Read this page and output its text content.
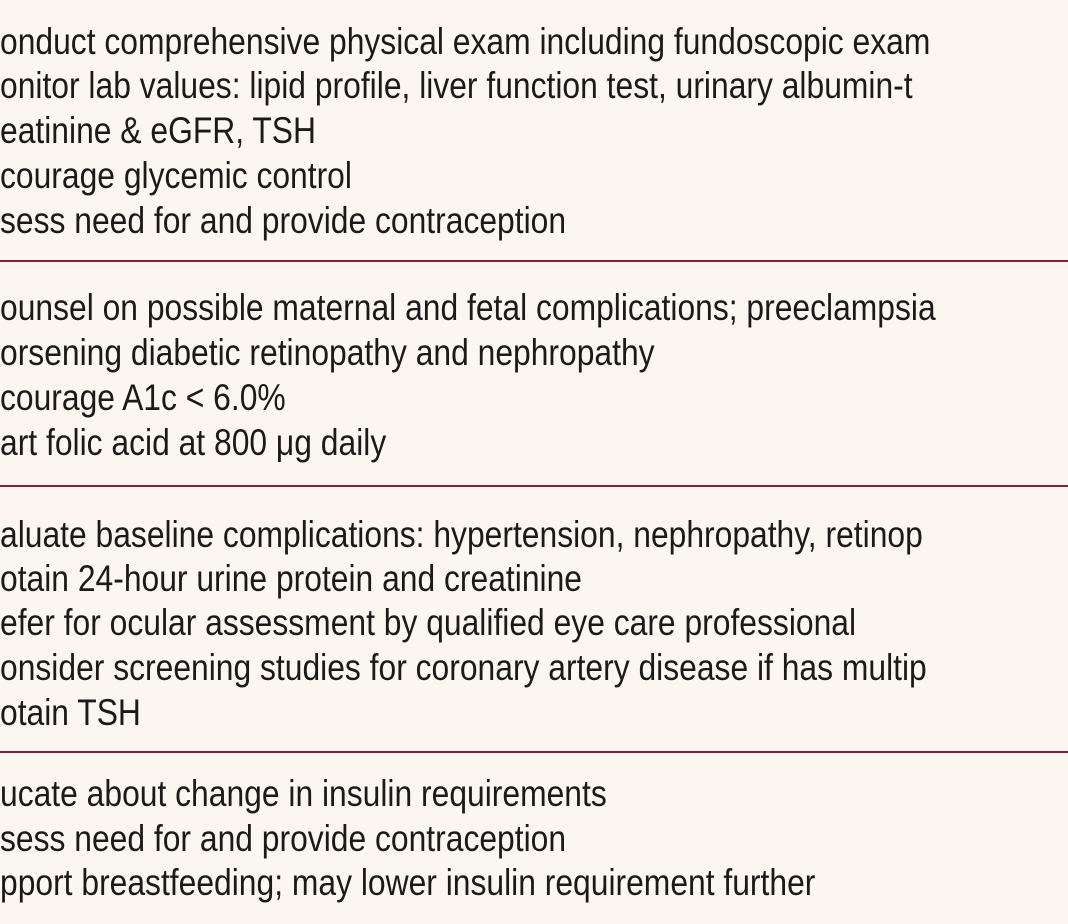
onduct comprehensive physical exam including fundoscopic exam
onitor lab values: lipid profile, liver function test, urinary albumin-t
eatinine & eGFR, TSH
courage glycemic control
sess need for and provide contraception
ounsel on possible maternal and fetal complications; preeclampsia
orsening diabetic retinopathy and nephropathy
courage A1c < 6.0%
art folic acid at 800 μg daily
aluate baseline complications: hypertension, nephropathy, retinop
otain 24-hour urine protein and creatinine
efer for ocular assessment by qualified eye care professional
onsider screening studies for coronary artery disease if has multip
otain TSH
ucate about change in insulin requirements
sess need for and provide contraception
pport breastfeeding; may lower insulin requirement further
